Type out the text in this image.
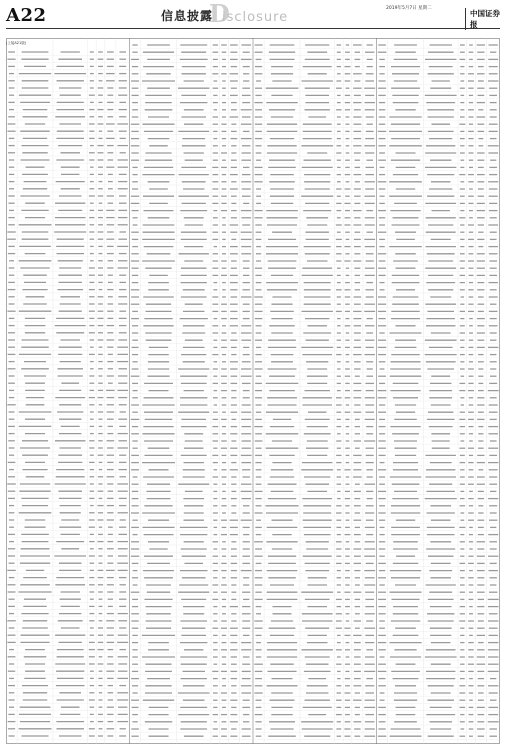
A22	信息披露
D
isclosure
2019年5月7日 星期二
中国证券报
(上接A21版)
